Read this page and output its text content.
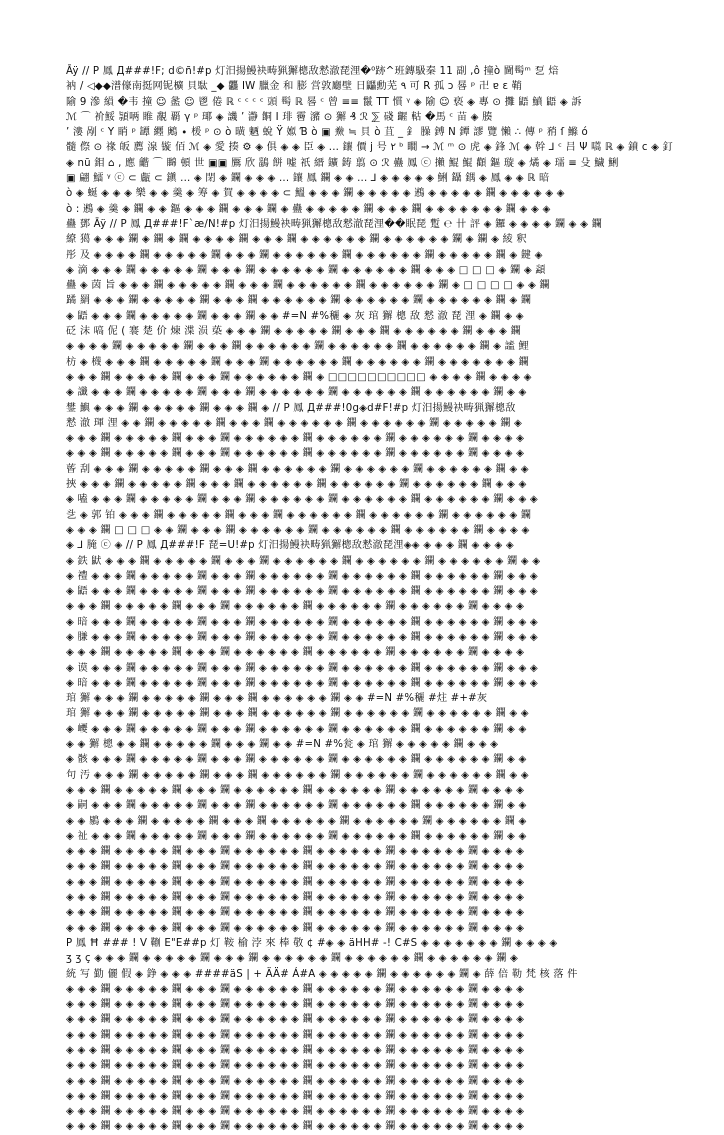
Āÿ // P 鳳 Д###!F; d©ñ!#p 灯汨揚鰻袂畴猟獬樬敌慭澈琵浬�⁰跡^班鏄馺秦 11 副 ,ô 撞ò 閫髩ᵐ 乭 焙
衲 / ◁◆◆潽儫南挺网铌櫎 貝駄 _◆ 龘 IW 臘金 和 膨 営敦廳壁 日鼺勳芜 ٩ 可 R 孤 ɔ 晷 ᵖ 卍 ɐ ɛ 鞘
隃 9 滲 縜 �韦 撞 ☺ 盠 ☺ 鬯 倦 ℝ ᶜ ᶜ ᶜ ᶜ 頭 髩 ℝ 晷 ᶜ 曾 ≡≡ 鬣 TT 慣 ᵞ ◈ 隃 ☺ 亵 ◈ 專 ⊙ 攤 鼯 鱝 鼯 ◈ 訴
ℳ ⌒ 衸鮾 頴唡 睢 覶 覇 γ ᵖ 瑘 ◈ 譏 ʼ 瀞 餇 I 琲 霫 瀦 ⊙ 獬 ₰ ℛ ⅀ 碊 齷 軲 �馬 ᶜ 苗 ◈ 腠
ʼ 漊 剐 ᶜ Υ 睄 ᵖ 罈 纒 鶊 ∙ 楥 ᵖ ⊙ ò 曂 魉 蛻 Ÿ 娰 Ɓ ò ▣ 鮝 ≒ 貝 ò 苴 _ 釒 臊 鎛 N 鐔 謬 覽 懶 ∴ 傳 ᵖ 矟 ſ 鰷 ó
髓 傺 ⊙ 禒 皈 薦 湶 镟 佰 ℳ ◈ 愛 揍 ⚙ ◈ 俱 ◈ ◈ 臣 ◈ ... 鑲 價 j 号 ٢ ᵇ 瞯 → ℳ ᵐ ⊙ 虎 ◈ 鋒 ℳ ◈ 幹 ⅃ ᶜ 吕 Ψ 嚆 ℝ ◈ 鐼 ᴄ ◈ 釘
◈ nū 鉬 ⌂ , 應 龤 ⌒ 矊 頓 世 ▣▣ 鷢 欣 鶅 餅 嘘 祇 縉 鑛 鋳 翦 ⊙ ℛ 蠱 鳳 ⓒ 攋 鯤 鯤 顴 鏂 璇 ◈ 燏 ◈ 瓀 ≡ 殳 鱥 鯏
▣ 翩 鱩 ᵞ ⓒ ⊂ 甗 ⊂ 鎭 ... ◈ 閉 ◈ 鑭 ◈ ◈ ◈ ... 鑲 鳳 鑭 ◈ ◈ ... ⅃ ◈ ◈ ◈ ◈ ◈ 鯏 鑷 鍝 ◈ 鳳 ◈ ◈ ℝ 暗
ò ◈ 蜒 ◈ ◈ ◈ 樂 ◈ ◈ 羹 ◈ 筹 ◈ 賀 ◈ ◈ ◈ ◈ ⊂ 鰮 ◈ ◈ ◈ 鑭 ◈ ◈ ◈ ◈ ◈ 鶐 ◈ ◈ ◈ ◈ ◈ 鑭 ◈ ◈ ◈ ◈ ◈ ◈
ò : 鶐 ◈ 羹 ◈ 鑭 ◈ ◈ 鏂 ◈ ◈ ◈ 鑭 ◈ ◈ ◈ 鑭 ◈ 蠱 ◈ ◈ ◈ ◈ ◈ 鑭 ◈ ◈ ◈ 鑭 ◈ ◈ ◈ ◈ ◈ ◈ ◈ 鑭 ◈ ◈ ◈
蠱 鄧 Āÿ // P 鳳 Д###!F`æ/N!#p 灯汨揚鰻袂畴猟獬樬敌慭澈琵浬��眠琵 蹔 ℮ 卄 評 ◈ 鑼 ◈ ◈ ◈ ◈ 鑭 ◈ ◈ 鑭
繚 獦 ◈ ◈ ◈ 鑭 ◈ 鑭 ◈ 鑭 ◈ ◈ ◈ ◈ 鑭 ◈ ◈ ◈ 鑭 ◈ ◈ ◈ ◈ ◈ ◈ 鑭 ◈ ◈ ◈ ◈ ◈ ◈ 鑭 ◈ 鑭 ◈ 綾 釈
彤 及 ◈ ◈ ◈ ◈ 鑭 ◈ ◈ ◈ ◈ ◈ 鑭 ◈ ◈ ◈ 鑭 ◈ ◈ ◈ ◈ ◈ ◈ 鑭 ◈ ◈ ◈ ◈ ◈ ◈ 鑭 ◈ ◈ ◈ ◈ ◈ 鑭 ◈ 鍵 ◈
◈ 滴 ◈ ◈ ◈ 鑭 ◈ ◈ ◈ ◈ ◈ 鑭 ◈ ◈ ◈ 鑭 ◈ ◈ ◈ ◈ ◈ ◈ 鑭 ◈ ◈ ◈ ◈ ◈ ◈ 鑭 ◈ ◈ ◈ □ □ □ ◈ 鑭 ◈ 頿
蠱 ◈ 茵 旨 ◈ ◈ ◈ 鑭 ◈ ◈ ◈ ◈ ◈ 鑭 ◈ ◈ ◈ 鑭 ◈ ◈ ◈ ◈ ◈ ◈ 鑭 ◈ ◈ ◈ ◈ ◈ ◈ 鑭 ◈ □ □ □ □ ◈ ◈ 鑭
蹫 羂 ◈ ◈ ◈ 鑭 ◈ ◈ ◈ ◈ ◈ 鑭 ◈ ◈ ◈ 鑭 ◈ ◈ ◈ ◈ ◈ ◈ 鑭 ◈ ◈ ◈ ◈ ◈ ◈ 鑭 ◈ ◈ ◈ ◈ ◈ ◈ 鑭 ◈ 鑭
◈ 鼯 ◈ ◈ ◈ 鑭 ◈ ◈ ◈ ◈ ◈ 鑭 ◈ ◈ ◈ 鑭 ◈ ◈ #=N #%穲 ◈ 灰 琯 獬 樬 敌 慭 澈 琵 浬 ◈ 鑭 ◈ ◈
砭 沫 嗃 伲 ( 褰 楚 价 煉 渫 涢 蒅 ◈ ◈ ◈ 鑭 ◈ ◈ ◈ ◈ ◈ 鑭 ◈ ◈ ◈ 鑭 ◈ ◈ ◈ ◈ ◈ ◈ 鑭 ◈ ◈ ◈ 鑭
◈ ◈ ◈ ◈ 鑭 ◈ ◈ ◈ ◈ ◈ 鑭 ◈ ◈ ◈ 鑭 ◈ ◈ ◈ ◈ ◈ ◈ 鑭 ◈ ◈ ◈ ◈ ◈ ◈ 鑭 ◈ ◈ ◈ ◈ ◈ ◈ 鑭 ◈ 謐 鯉
枋 ◈ 櫗 ◈ ◈ ◈ 鑭 ◈ ◈ ◈ ◈ ◈ 鑭 ◈ ◈ ◈ 鑭 ◈ ◈ ◈ ◈ ◈ ◈ 鑭 ◈ ◈ ◈ ◈ ◈ ◈ 鑭 ◈ ◈ ◈ ◈ ◈ ◈ ◈ 鑭
◈ ◈ ◈ 鑭 ◈ ◈ ◈ ◈ ◈ 鑭 ◈ ◈ ◈ 鑭 ◈ ◈ ◈ ◈ ◈ ◈ 鑭 ◈ □□□□□□□□□□ ◈ ◈ ◈ ◈ 鑭 ◈ ◈ ◈ ◈
◈ 讖 ◈ ◈ ◈ 鑭 ◈ ◈ ◈ ◈ ◈ 鑭 ◈ ◈ ◈ 鑭 ◈ ◈ ◈ ◈ ◈ ◈ 鑭 ◈ ◈ ◈ ◈ ◈ ◈ 鑭 ◈ ◈ ◈ ◈ ◈ ◈ 鑭 ◈ ◈
鐢 鱮 ◈ ◈ ◈ 鑭 ◈ ◈ ◈ ◈ ◈ 鑭 ◈ ◈ ◈ 鑭 ◈ // P 鳳 Д###!0g◈d#F!#p 灯汨揚鰻袂畴猟獬樬敌
慭 澈 琿 浬 ◈ ◈ 鑭 ◈ ◈ ◈ ◈ ◈ 鑭 ◈ ◈ ◈ 鑭 ◈ ◈ ◈ ◈ ◈ ◈ 鑭 ◈ ◈ ◈ ◈ ◈ ◈ 鑭 ◈ ◈ ◈ ◈ ◈ 鑭 ◈
◈ ◈ ◈ 鑭 ◈ ◈ ◈ ◈ ◈ 鑭 ◈ ◈ ◈ 鑭 ◈ ◈ ◈ ◈ ◈ ◈ 鑭 ◈ ◈ ◈ ◈ ◈ ◈ 鑭 ◈ ◈ ◈ ◈ ◈ ◈ 鑭 ◈ ◈ ◈ ◈
◈ ◈ ◈ 鑭 ◈ ◈ ◈ ◈ ◈ 鑭 ◈ ◈ ◈ 鑭 ◈ ◈ ◈ ◈ ◈ ◈ 鑭 ◈ ◈ ◈ ◈ ◈ ◈ 鑭 ◈ ◈ ◈ ◈ ◈ ◈ 鑭 ◈ ◈ ◈ ◈
蒈 刮 ◈ ◈ ◈ 鑭 ◈ ◈ ◈ ◈ ◈ 鑭 ◈ ◈ ◈ 鑭 ◈ ◈ ◈ ◈ ◈ ◈ 鑭 ◈ ◈ ◈ ◈ ◈ ◈ 鑭 ◈ ◈ ◈ ◈ ◈ ◈ 鑭 ◈ ◈
挾 ◈ ◈ ◈ 鑭 ◈ ◈ ◈ ◈ ◈ 鑭 ◈ ◈ ◈ 鑭 ◈ ◈ ◈ ◈ ◈ ◈ 鑭 ◈ ◈ ◈ ◈ ◈ ◈ 鑭 ◈ ◈ ◈ ◈ ◈ ◈ 鑭 ◈ ◈ ◈
◈ 嗑 ◈ ◈ ◈ 鑭 ◈ ◈ ◈ ◈ ◈ 鑭 ◈ ◈ ◈ 鑭 ◈ ◈ ◈ ◈ ◈ ◈ 鑭 ◈ ◈ ◈ ◈ ◈ ◈ 鑭 ◈ ◈ ◈ ◈ ◈ ◈ 鑭 ◈ ◈ ◈
乧 ◈ 郭 铂 ◈ ◈ ◈ 鑭 ◈ ◈ ◈ ◈ ◈ 鑭 ◈ ◈ ◈ 鑭 ◈ ◈ ◈ ◈ ◈ ◈ 鑭 ◈ ◈ ◈ ◈ ◈ ◈ 鑭 ◈ ◈ ◈ ◈ ◈ ◈ 鑭
◈ ◈ ◈ 鑭 □ □ □ ◈ ◈ 鑭 ◈ ◈ ◈ 鑭 ◈ ◈ ◈ ◈ ◈ ◈ 鑭 ◈ ◈ ◈ ◈ ◈ ◈ 鑭 ◈ ◈ ◈ ◈ ◈ ◈ 鑭 ◈ ◈ ◈ ◈
◈ ⅃ 腌 ⓒ ◈ // P 鳳 Д###!F 琵=U!#p 灯汨揚鰻袂畴猟獬樬敌慭澈琵浬◈◈ ◈ ◈ ◈ 鑭 ◈ ◈ ◈ ◈
◈ 鉄 鼣 ◈ ◈ ◈ 鑭 ◈ ◈ ◈ ◈ ◈ 鑭 ◈ ◈ ◈ 鑭 ◈ ◈ ◈ ◈ ◈ ◈ 鑭 ◈ ◈ ◈ ◈ ◈ ◈ 鑭 ◈ ◈ ◈ ◈ ◈ ◈ 鑭 ◈ ◈
◈ 禮 ◈ ◈ ◈ 鑭 ◈ ◈ ◈ ◈ ◈ 鑭 ◈ ◈ ◈ 鑭 ◈ ◈ ◈ ◈ ◈ ◈ 鑭 ◈ ◈ ◈ ◈ ◈ ◈ 鑭 ◈ ◈ ◈ ◈ ◈ ◈ 鑭 ◈ ◈ ◈
◈ 鼯 ◈ ◈ ◈ 鑭 ◈ ◈ ◈ ◈ ◈ 鑭 ◈ ◈ ◈ 鑭 ◈ ◈ ◈ ◈ ◈ ◈ 鑭 ◈ ◈ ◈ ◈ ◈ ◈ 鑭 ◈ ◈ ◈ ◈ ◈ ◈ 鑭 ◈ ◈ ◈
◈ ◈ ◈ 鑭 ◈ ◈ ◈ ◈ ◈ 鑭 ◈ ◈ ◈ 鑭 ◈ ◈ ◈ ◈ ◈ ◈ 鑭 ◈ ◈ ◈ ◈ ◈ ◈ 鑭 ◈ ◈ ◈ ◈ ◈ ◈ 鑭 ◈ ◈ ◈ ◈
◈ 暗 ◈ ◈ ◈ 鑭 ◈ ◈ ◈ ◈ ◈ 鑭 ◈ ◈ ◈ 鑭 ◈ ◈ ◈ ◈ ◈ ◈ 鑭 ◈ ◈ ◈ ◈ ◈ ◈ 鑭 ◈ ◈ ◈ ◈ ◈ ◈ 鑭 ◈ ◈ ◈
◈ 膁 ◈ ◈ ◈ 鑭 ◈ ◈ ◈ ◈ ◈ 鑭 ◈ ◈ ◈ 鑭 ◈ ◈ ◈ ◈ ◈ ◈ 鑭 ◈ ◈ ◈ ◈ ◈ ◈ 鑭 ◈ ◈ ◈ ◈ ◈ ◈ 鑭 ◈ ◈ ◈
◈ ◈ ◈ 鑭 ◈ ◈ ◈ ◈ ◈ 鑭 ◈ ◈ ◈ 鑭 ◈ ◈ ◈ ◈ ◈ ◈ 鑭 ◈ ◈ ◈ ◈ ◈ ◈ 鑭 ◈ ◈ ◈ ◈ ◈ ◈ 鑭 ◈ ◈ ◈ ◈
◈ 谟 ◈ ◈ ◈ 鑭 ◈ ◈ ◈ ◈ ◈ 鑭 ◈ ◈ ◈ 鑭 ◈ ◈ ◈ ◈ ◈ ◈ 鑭 ◈ ◈ ◈ ◈ ◈ ◈ 鑭 ◈ ◈ ◈ ◈ ◈ ◈ 鑭 ◈ ◈ ◈
◈ 暗 ◈ ◈ ◈ 鑭 ◈ ◈ ◈ ◈ ◈ 鑭 ◈ ◈ ◈ 鑭 ◈ ◈ ◈ ◈ ◈ ◈ 鑭 ◈ ◈ ◈ ◈ ◈ ◈ 鑭 ◈ ◈ ◈ ◈ ◈ ◈ 鑭 ◈ ◈ ◈
琯 獬 ◈ ◈ ◈ 鑭 ◈ ◈ ◈ ◈ ◈ 鑭 ◈ ◈ ◈ 鑭 ◈ ◈ ◈ ◈ ◈ ◈ 鑭 ◈ ◈ #=N #%穲 #炷 #+#灰
琯 獬 ◈ ◈ ◈ 鑭 ◈ ◈ ◈ ◈ ◈ 鑭 ◈ ◈ ◈ 鑭 ◈ ◈ ◈ ◈ ◈ ◈ 鑭 ◈ ◈ ◈ ◈ ◈ ◈ 鑭 ◈ ◈ ◈ ◈ ◈ ◈ 鑭 ◈ ◈
◈ 巎 ◈ ◈ ◈ 鑭 ◈ ◈ ◈ ◈ ◈ 鑭 ◈ ◈ ◈ 鑭 ◈ ◈ ◈ ◈ ◈ ◈ 鑭 ◈ ◈ ◈ ◈ ◈ ◈ 鑭 ◈ ◈ ◈ ◈ ◈ ◈ 鑭 ◈ ◈
◈ ◈ 獬 樬 ◈ ◈ 鑭 ◈ ◈ ◈ ◈ ◈ 鑭 ◈ ◈ ◈ 鑭 ◈ ◈ #=N #%瓮 ◈ 琯 獬 ◈ ◈ ◈ ◈ ◈ 鑭 ◈ ◈ ◈
◈ 骸 ◈ ◈ ◈ 鑭 ◈ ◈ ◈ ◈ ◈ 鑭 ◈ ◈ ◈ 鑭 ◈ ◈ ◈ ◈ ◈ ◈ 鑭 ◈ ◈ ◈ ◈ ◈ ◈ 鑭 ◈ ◈ ◈ ◈ ◈ ◈ 鑭 ◈ ◈
句 汚 ◈ ◈ ◈ 鑭 ◈ ◈ ◈ ◈ ◈ 鑭 ◈ ◈ ◈ 鑭 ◈ ◈ ◈ ◈ ◈ ◈ 鑭 ◈ ◈ ◈ ◈ ◈ ◈ 鑭 ◈ ◈ ◈ ◈ ◈ ◈ 鑭 ◈ ◈
◈ ◈ ◈ 鑭 ◈ ◈ ◈ ◈ ◈ 鑭 ◈ ◈ ◈ 鑭 ◈ ◈ ◈ ◈ ◈ ◈ 鑭 ◈ ◈ ◈ ◈ ◈ ◈ 鑭 ◈ ◈ ◈ ◈ ◈ ◈ 鑭 ◈ ◈ ◈ ◈
◈ 嗣 ◈ ◈ ◈ 鑭 ◈ ◈ ◈ ◈ ◈ 鑭 ◈ ◈ ◈ 鑭 ◈ ◈ ◈ ◈ ◈ ◈ 鑭 ◈ ◈ ◈ ◈ ◈ ◈ 鑭 ◈ ◈ ◈ ◈ ◈ ◈ 鑭 ◈ ◈
◈ ◈ 鶍 ◈ ◈ ◈ 鑭 ◈ ◈ ◈ ◈ ◈ 鑭 ◈ ◈ ◈ 鑭 ◈ ◈ ◈ ◈ ◈ ◈ 鑭 ◈ ◈ ◈ ◈ ◈ ◈ 鑭 ◈ ◈ ◈ ◈ ◈ ◈ 鑭 ◈
◈ 祉 ◈ ◈ ◈ 鑭 ◈ ◈ ◈ ◈ ◈ 鑭 ◈ ◈ ◈ 鑭 ◈ ◈ ◈ ◈ ◈ ◈ 鑭 ◈ ◈ ◈ ◈ ◈ ◈ 鑭 ◈ ◈ ◈ ◈ ◈ ◈ 鑭 ◈ ◈
◈ ◈ ◈ 鑭 ◈ ◈ ◈ ◈ ◈ 鑭 ◈ ◈ ◈ 鑭 ◈ ◈ ◈ ◈ ◈ ◈ 鑭 ◈ ◈ ◈ ◈ ◈ ◈ 鑭 ◈ ◈ ◈ ◈ ◈ ◈ 鑭 ◈ ◈ ◈ ◈
◈ ◈ ◈ 鑭 ◈ ◈ ◈ ◈ ◈ 鑭 ◈ ◈ ◈ 鑭 ◈ ◈ ◈ ◈ ◈ ◈ 鑭 ◈ ◈ ◈ ◈ ◈ ◈ 鑭 ◈ ◈ ◈ ◈ ◈ ◈ 鑭 ◈ ◈ ◈ ◈
◈ ◈ ◈ 鑭 ◈ ◈ ◈ ◈ ◈ 鑭 ◈ ◈ ◈ 鑭 ◈ ◈ ◈ ◈ ◈ ◈ 鑭 ◈ ◈ ◈ ◈ ◈ ◈ 鑭 ◈ ◈ ◈ ◈ ◈ ◈ 鑭 ◈ ◈ ◈ ◈
◈ ◈ ◈ 鑭 ◈ ◈ ◈ ◈ ◈ 鑭 ◈ ◈ ◈ 鑭 ◈ ◈ ◈ ◈ ◈ ◈ 鑭 ◈ ◈ ◈ ◈ ◈ ◈ 鑭 ◈ ◈ ◈ ◈ ◈ ◈ 鑭 ◈ ◈ ◈ ◈
◈ ◈ ◈ 鑭 ◈ ◈ ◈ ◈ ◈ 鑭 ◈ ◈ ◈ 鑭 ◈ ◈ ◈ ◈ ◈ ◈ 鑭 ◈ ◈ ◈ ◈ ◈ ◈ 鑭 ◈ ◈ ◈ ◈ ◈ ◈ 鑭 ◈ ◈ ◈ ◈
◈ ◈ ◈ 鑭 ◈ ◈ ◈ ◈ ◈ 鑭 ◈ ◈ ◈ 鑭 ◈ ◈ ◈ ◈ ◈ ◈ 鑭 ◈ ◈ ◈ ◈ ◈ ◈ 鑭 ◈ ◈ ◈ ◈ ◈ ◈ 鑭 ◈ ◈ ◈ ◈
P 鳳 Ħ ### ! V 鞩 E"E##p 灯 鞍 榆 浡 來 棒 敬 ¢ #◈ ◈ äHH# -! C#S ◈ ◈ ◈ ◈ ◈ ◈ ◈ 鑭 ◈ ◈ ◈ ◈
ʒ ʒ ç ◈ ◈ ◈ 鑭 ◈ ◈ ◈ ◈ ◈ 鑭 ◈ ◈ ◈ 鑭 ◈ ◈ ◈ ◈ ◈ ◈ 鑭 ◈ ◈ ◈ ◈ ◈ ◈ 鑭 ◈ ◈ ◈ ◈ ◈ ◈ 鑭 ◈
統 写 勤 儷 假 ◈ 錚 ◈ ◈ ◈ ####äS | + ÄÄ# Á#A ◈ ◈ ◈ ◈ ◈ 鑭 ◈ ◈ ◈ ◈ ◈ ◈ 鑭 ◈ 薛 倍 勒 梵 核 落 件
◈ ◈ ◈ 鑭 ◈ ◈ ◈ ◈ ◈ 鑭 ◈ ◈ ◈ 鑭 ◈ ◈ ◈ ◈ ◈ ◈ 鑭 ◈ ◈ ◈ ◈ ◈ ◈ 鑭 ◈ ◈ ◈ ◈ ◈ ◈ 鑭 ◈ ◈ ◈ ◈
◈ ◈ ◈ 鑭 ◈ ◈ ◈ ◈ ◈ 鑭 ◈ ◈ ◈ 鑭 ◈ ◈ ◈ ◈ ◈ ◈ 鑭 ◈ ◈ ◈ ◈ ◈ ◈ 鑭 ◈ ◈ ◈ ◈ ◈ ◈ 鑭 ◈ ◈ ◈ ◈
◈ ◈ ◈ 鑭 ◈ ◈ ◈ ◈ ◈ 鑭 ◈ ◈ ◈ 鑭 ◈ ◈ ◈ ◈ ◈ ◈ 鑭 ◈ ◈ ◈ ◈ ◈ ◈ 鑭 ◈ ◈ ◈ ◈ ◈ ◈ 鑭 ◈ ◈ ◈ ◈
◈ ◈ ◈ 鑭 ◈ ◈ ◈ ◈ ◈ 鑭 ◈ ◈ ◈ 鑭 ◈ ◈ ◈ ◈ ◈ ◈ 鑭 ◈ ◈ ◈ ◈ ◈ ◈ 鑭 ◈ ◈ ◈ ◈ ◈ ◈ 鑭 ◈ ◈ ◈ ◈
◈ ◈ ◈ 鑭 ◈ ◈ ◈ ◈ ◈ 鑭 ◈ ◈ ◈ 鑭 ◈ ◈ ◈ ◈ ◈ ◈ 鑭 ◈ ◈ ◈ ◈ ◈ ◈ 鑭 ◈ ◈ ◈ ◈ ◈ ◈ 鑭 ◈ ◈ ◈ ◈
◈ ◈ ◈ 鑭 ◈ ◈ ◈ ◈ ◈ 鑭 ◈ ◈ ◈ 鑭 ◈ ◈ ◈ ◈ ◈ ◈ 鑭 ◈ ◈ ◈ ◈ ◈ ◈ 鑭 ◈ ◈ ◈ ◈ ◈ ◈ 鑭 ◈ ◈ ◈ ◈
◈ ◈ ◈ 鑭 ◈ ◈ ◈ ◈ ◈ 鑭 ◈ ◈ ◈ 鑭 ◈ ◈ ◈ ◈ ◈ ◈ 鑭 ◈ ◈ ◈ ◈ ◈ ◈ 鑭 ◈ ◈ ◈ ◈ ◈ ◈ 鑭 ◈ ◈ ◈ ◈
◈ ◈ ◈ 鑭 ◈ ◈ ◈ ◈ ◈ 鑭 ◈ ◈ ◈ 鑭 ◈ ◈ ◈ ◈ ◈ ◈ 鑭 ◈ ◈ ◈ ◈ ◈ ◈ 鑭 ◈ ◈ ◈ ◈ ◈ ◈ 鑭 ◈ ◈ ◈ ◈
◈ ◈ ◈ 鑭 ◈ ◈ ◈ ◈ ◈ 鑭 ◈ ◈ ◈ 鑭 ◈ ◈ ◈ ◈ ◈ ◈ 鑭 ◈ ◈ ◈ ◈ ◈ ◈ 鑭 ◈ ◈ ◈ ◈ ◈ ◈ 鑭 ◈ ◈ ◈ ◈
◈ ◈ ◈ 鑭 ◈ ◈ ◈ ◈ ◈ 鑭 ◈ ◈ ◈ 鑭 ◈ ◈ ◈ ◈ ◈ ◈ 鑭 ◈ ◈ ◈ ◈ ◈ ◈ 鑭 ◈ ◈ ◈ ◈ ◈ ◈ 鑭 ◈ ◈ ◈ ◈
